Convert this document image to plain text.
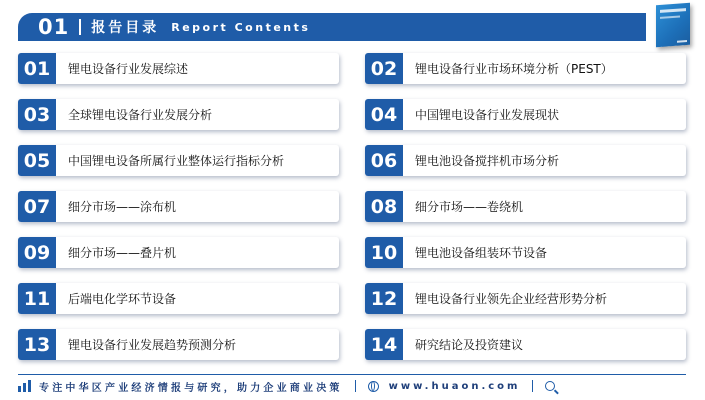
01 报告目录 Report Contents
01	锂电设备行业发展综述	02	锂电设备行业市场环境分析（PEST）
03	全球锂电设备行业发展分析	04	中国锂电设备行业发展现状
05	中国锂电设备所属行业整体运行指标分析	06	锂电池设备搅拌机市场分析
07	细分市场——涂布机	08	细分市场——卷绕机
09	细分市场——叠片机	10	锂电池设备组装环节设备
11	后端电化学环节设备	12	锂电设备行业领先企业经营形势分析
13	锂电设备行业发展趋势预测分析	14	研究结论及投资建议
专注中华区产业经济情报与研究，助力企业商业决策	www.huaon.com
